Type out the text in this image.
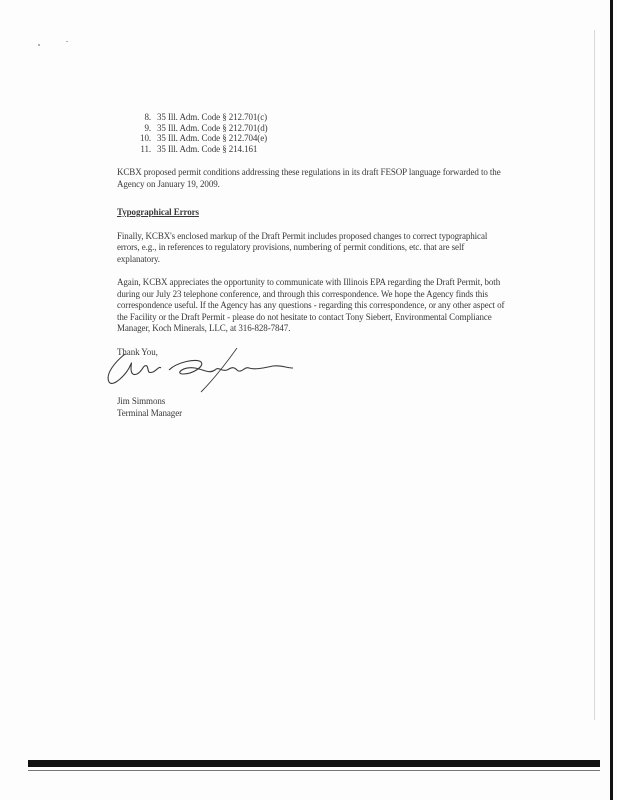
8. 35 Ill. Adm. Code § 212.701(c)
9. 35 Ill. Adm. Code § 212.701(d)
10. 35 Ill. Adm. Code § 212.704(e)
11. 35 Ill. Adm. Code § 214.161

KCBX proposed permit conditions addressing these regulations in its draft FESOP language forwarded to the Agency on January 19, 2009.

Typographical Errors

Finally, KCBX's enclosed markup of the Draft Permit includes proposed changes to correct typographical errors, e.g., in references to regulatory provisions, numbering of permit conditions, etc. that are self explanatory.

Again, KCBX appreciates the opportunity to communicate with Illinois EPA regarding the Draft Permit, both during our July 23 telephone conference, and through this correspondence. We hope the Agency finds this correspondence useful. If the Agency has any questions - regarding this correspondence, or any other aspect of the Facility or the Draft Permit - please do not hesitate to contact Tony Siebert, Environmental Compliance Manager, Koch Minerals, LLC, at 316-828-7847.

Thank You,

Jim Simmons

Terminal Manager
